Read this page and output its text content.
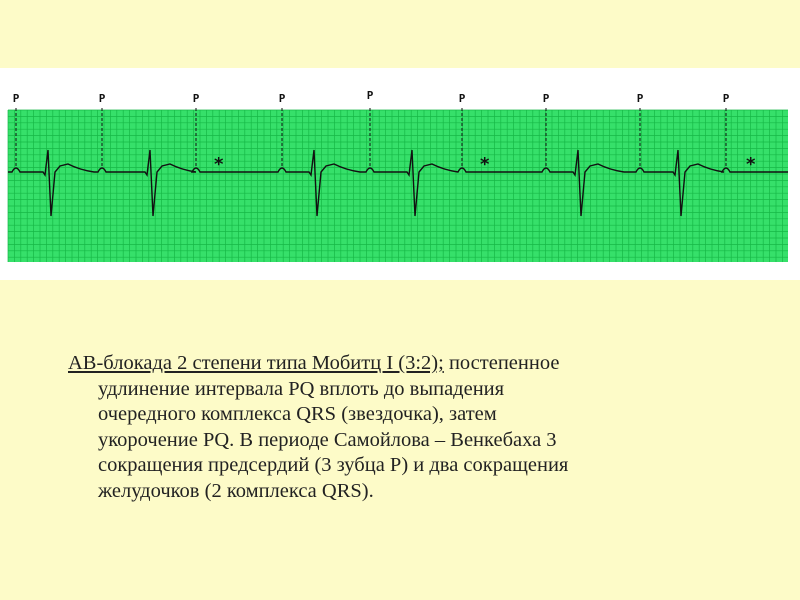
P	P	P	P	P	P	P	P	P
*	*	*
АВ-блокада 2 степени типа Мобитц I (3:2); постепенное
удлинение интервала PQ вплоть до выпадения
очередного комплекса QRS (звездочка), затем
укорочение PQ. В периоде Самойлова – Венкебаха 3
сокращения предсердий (3 зубца Р) и два сокращения
желудочков (2 комплекса QRS).
